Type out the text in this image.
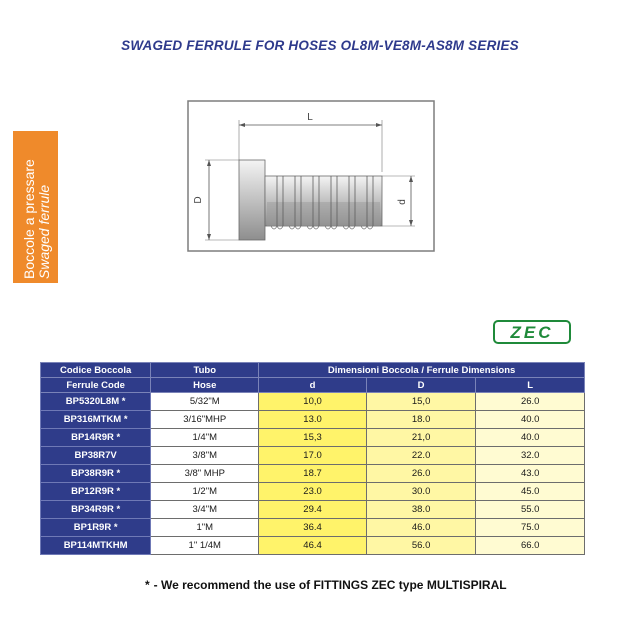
SWAGED FERRULE FOR HOSES OL8M-VE8M-AS8M SERIES
Boccole a pressare Swaged ferrule
L
D	d
ZEC
Codice Boccola	Tubo	Dimensioni Boccola / Ferrule Dimensions		
Ferrule Code	Hose	d	D	L
BP5320L8M *	5/32"M	10,0	15,0	26.0
BP316MTKM *	3/16"MHP	13.0	18.0	40.0
BP14R9R *	1/4"M	15,3	21,0	40.0
BP38R7V	3/8"M	17.0	22.0	32.0
BP38R9R *	3/8" MHP	18.7	26.0	43.0
BP12R9R *	1/2"M	23.0	30.0	45.0
BP34R9R *	3/4"M	29.4	38.0	55.0
BP1R9R *	1"M	36.4	46.0	75.0
BP114MTKHM	1" 1/4M	46.4	56.0	66.0
* - We recommend the use of FITTINGS ZEC type MULTISPIRAL
